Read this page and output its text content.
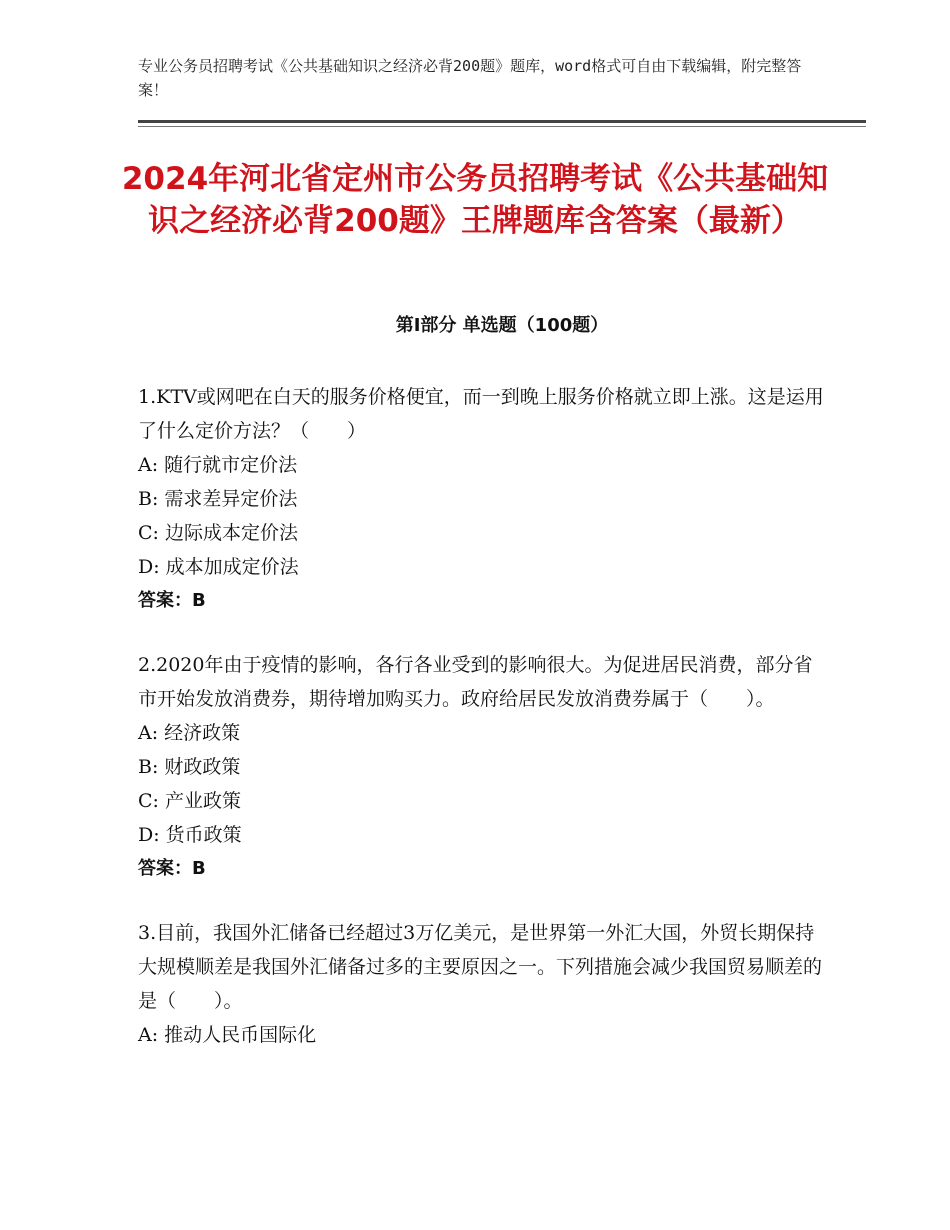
专业公务员招聘考试《公共基础知识之经济必背200题》题库，word格式可自由下载编辑，附完整答案！
2024年河北省定州市公务员招聘考试《公共基础知识之经济必背200题》王牌题库含答案（最新）
第Ⅰ部分 单选题（100题）

1.KTV或网吧在白天的服务价格便宜，而一到晚上服务价格就立即上涨。这是运用了什么定价方法？（　　）

A: 随行就市定价法

B: 需求差异定价法

C: 边际成本定价法

D: 成本加成定价法

答案：B

2.2020年由于疫情的影响，各行各业受到的影响很大。为促进居民消费，部分省市开始发放消费券，期待增加购买力。政府给居民发放消费券属于（　　）。

A: 经济政策

B: 财政政策

C: 产业政策

D: 货币政策

答案：B

3.目前，我国外汇储备已经超过3万亿美元，是世界第一外汇大国，外贸长期保持大规模顺差是我国外汇储备过多的主要原因之一。下列措施会减少我国贸易顺差的是（　　）。

A: 推动人民币国际化
